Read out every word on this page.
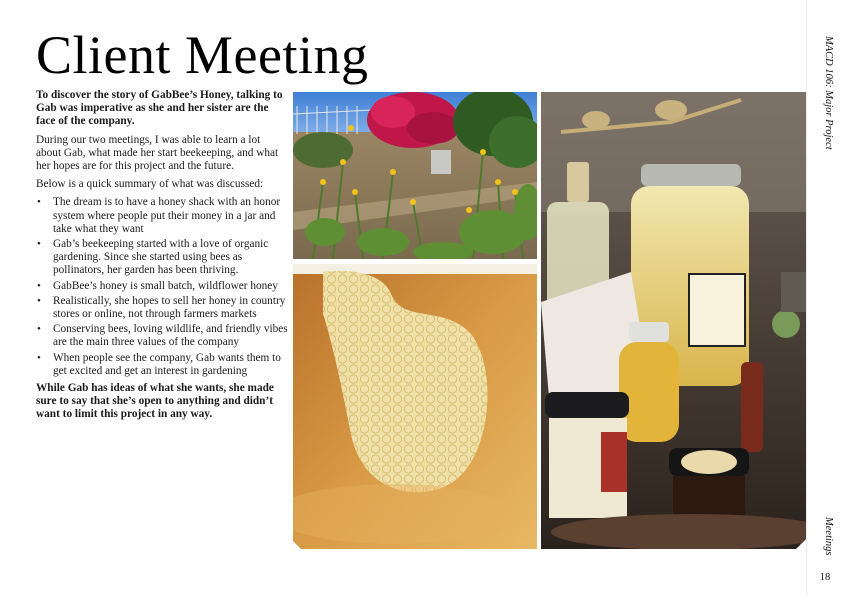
Client Meeting

To discover the story of GabBee’s Honey, talking to Gab was imperative as she and her sister are the face of the company.

During our two meetings, I was able to learn a lot about Gab, what made her start beekeeping, and what her hopes are for this project and the future.

Below is a quick summary of what was discussed:

• The dream is to have a honey shack with an honor system where people put their money in a jar and take what they want
• Gab’s beekeeping started with a love of organic gardening. Since she started using bees as pollinators, her garden has been thriving.
• GabBee’s honey is small batch, wildflower honey
• Realistically, she hopes to sell her honey in country stores or online, not through farmers markets
• Conserving bees, loving wildlife, and friendly vibes are the main three values of the company
• When people see the company, Gab wants them to get excited and get an interest in gardening

While Gab has ideas of what she wants, she made sure to say that she’s open to anything and didn’t want to limit this project in any way.

MACD 106: Major Project
Meetings
18
